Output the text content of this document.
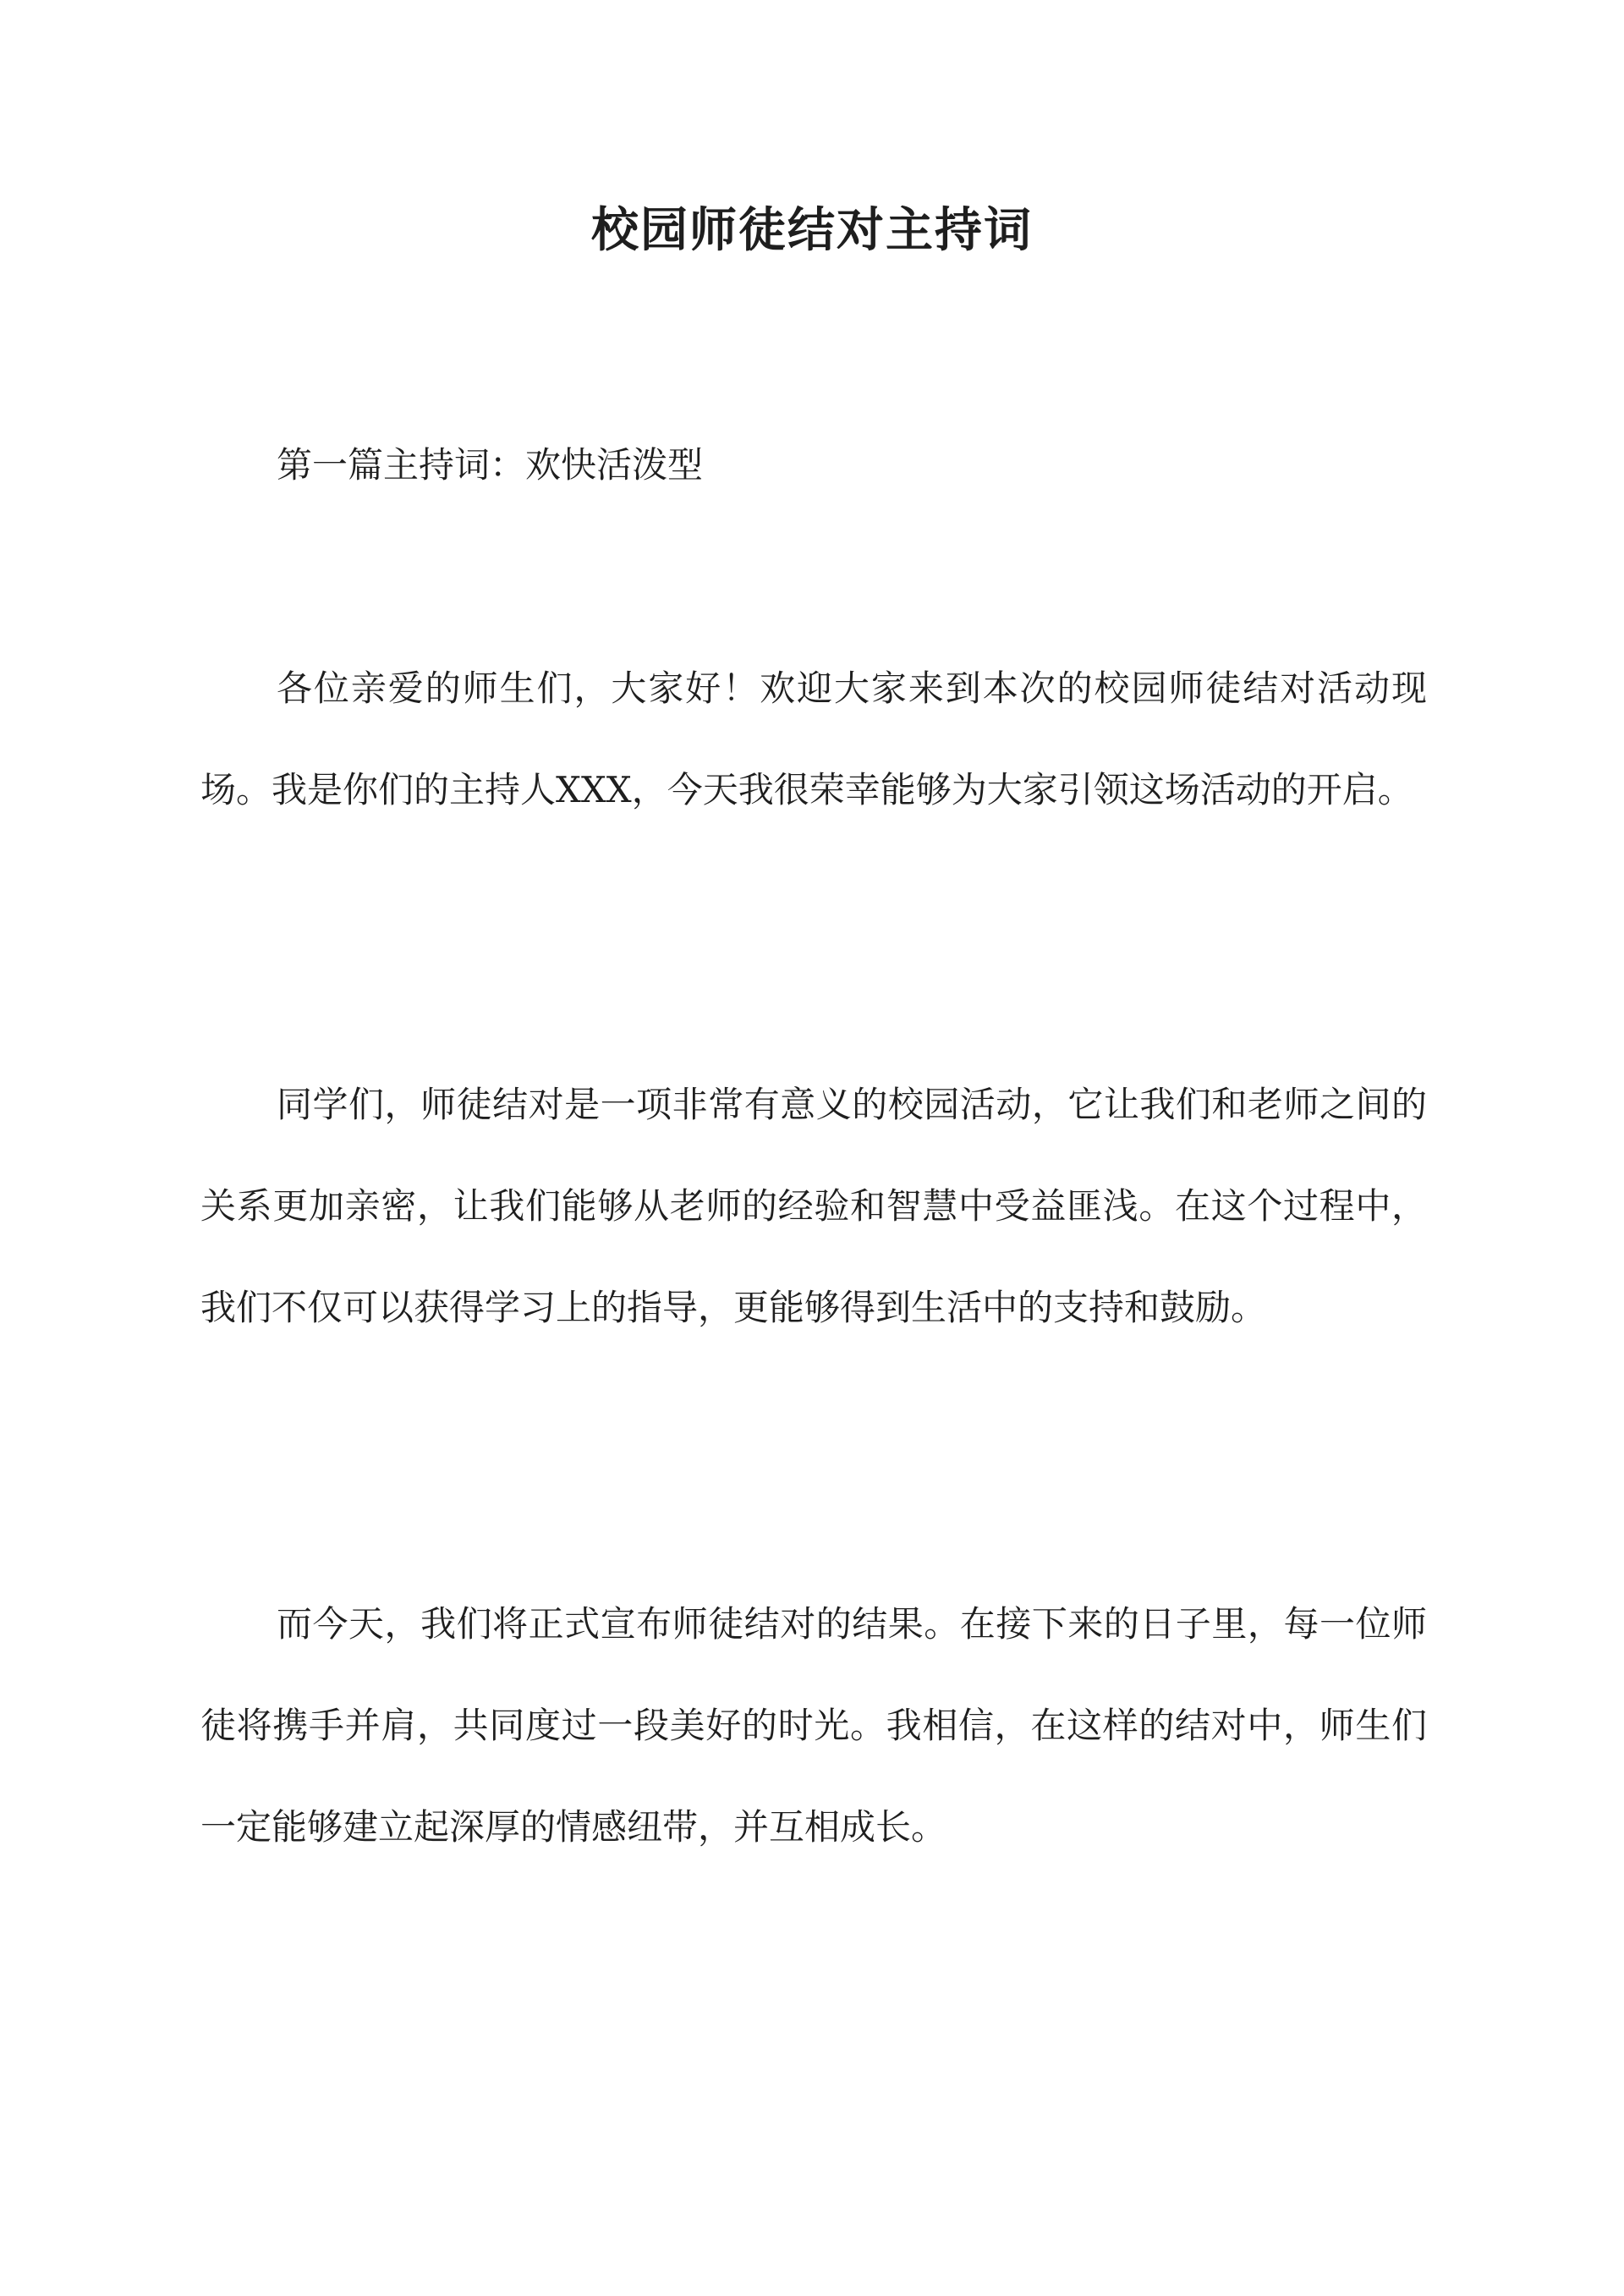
校园师徒结对主持词

第一篇主持词：欢快活泼型

各位亲爱的师生们，大家好！欢迎大家来到本次的校园师徒结对活动现场。我是你们的主持人XXX，今天我很荣幸能够为大家引领这场活动的开启。

同学们，师徒结对是一项非常有意义的校园活动，它让我们和老师之间的关系更加亲密，让我们能够从老师的经验和智慧中受益匪浅。在这个过程中，我们不仅可以获得学习上的指导，更能够得到生活中的支持和鼓励。

而今天，我们将正式宣布师徒结对的结果。在接下来的日子里，每一位师徒将携手并肩，共同度过一段美好的时光。我相信，在这样的结对中，师生们一定能够建立起深厚的情感纽带，并互相成长。
